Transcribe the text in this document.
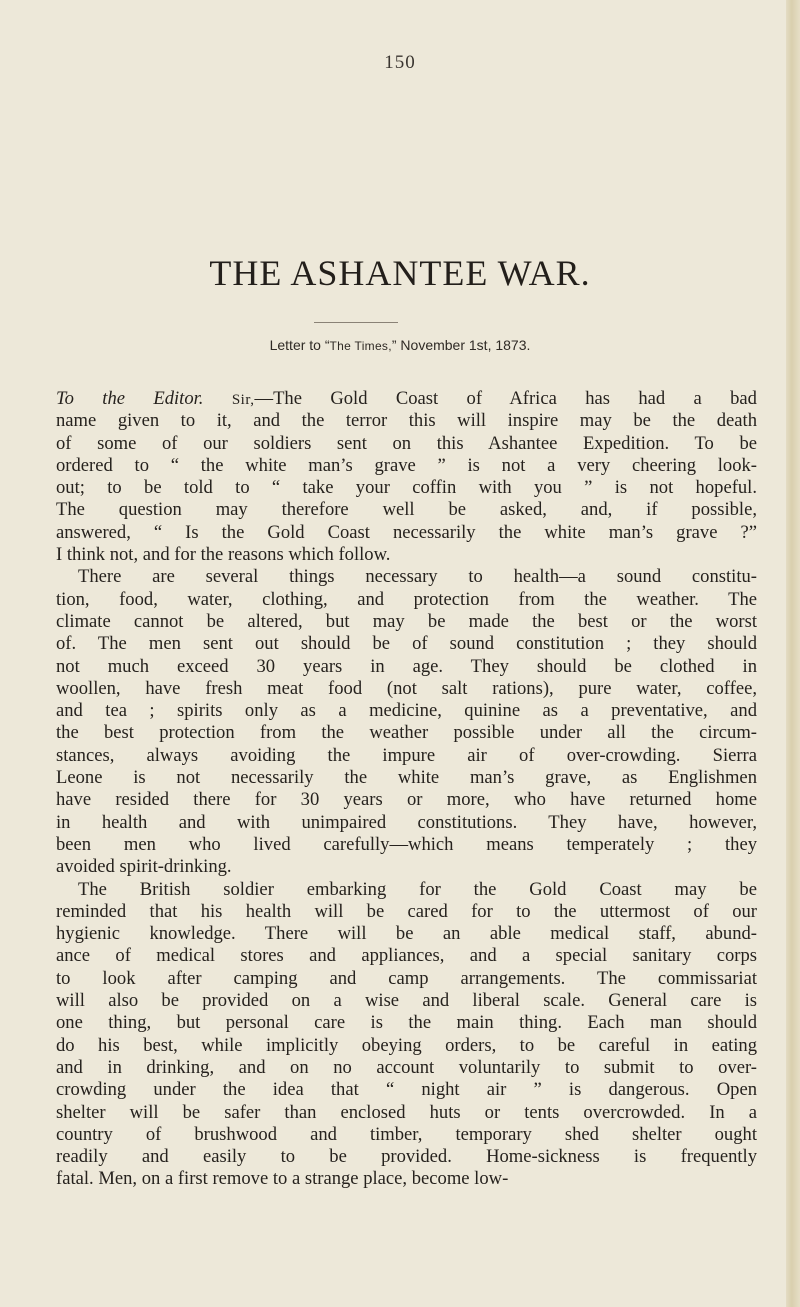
150
THE ASHANTEE WAR.
Letter to “The Times,” November 1st, 1873.
To the Editor. Sir,—The Gold Coast of Africa has had a bad
name given to it, and the terror this will inspire may be the death
of some of our soldiers sent on this Ashantee Expedition. To be
ordered to “ the white man’s grave ” is not a very cheering look-
out; to be told to “ take your coffin with you ” is not hopeful.
The question may therefore well be asked, and, if possible,
answered, “ Is the Gold Coast necessarily the white man’s grave ?”
I think not, and for the reasons which follow.
There are several things necessary to health—a sound constitu-
tion, food, water, clothing, and protection from the weather. The
climate cannot be altered, but may be made the best or the worst
of. The men sent out should be of sound constitution ; they should
not much exceed 30 years in age. They should be clothed in
woollen, have fresh meat food (not salt rations), pure water, coffee,
and tea ; spirits only as a medicine, quinine as a preventative, and
the best protection from the weather possible under all the circum-
stances, always avoiding the impure air of over-crowding. Sierra
Leone is not necessarily the white man’s grave, as Englishmen
have resided there for 30 years or more, who have returned home
in health and with unimpaired constitutions. They have, however,
been men who lived carefully—which means temperately ; they
avoided spirit-drinking.
The British soldier embarking for the Gold Coast may be
reminded that his health will be cared for to the uttermost of our
hygienic knowledge. There will be an able medical staff, abund-
ance of medical stores and appliances, and a special sanitary corps
to look after camping and camp arrangements. The commissariat
will also be provided on a wise and liberal scale. General care is
one thing, but personal care is the main thing. Each man should
do his best, while implicitly obeying orders, to be careful in eating
and in drinking, and on no account voluntarily to submit to over-
crowding under the idea that “ night air ” is dangerous. Open
shelter will be safer than enclosed huts or tents overcrowded. In a
country of brushwood and timber, temporary shed shelter ought
readily and easily to be provided. Home-sickness is frequently
fatal. Men, on a first remove to a strange place, become low-
